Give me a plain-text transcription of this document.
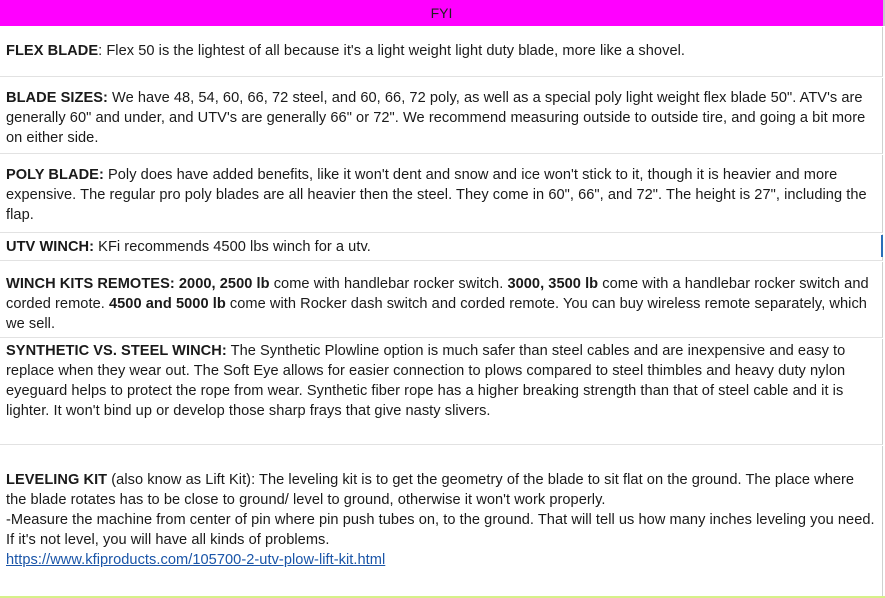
FYI
FLEX BLADE: Flex 50 is the lightest of all because it's a light weight light duty blade, more like a shovel.
BLADE SIZES: We have 48, 54, 60, 66, 72 steel, and 60, 66, 72 poly, as well as a special poly light weight flex blade 50". ATV's are generally 60" and under, and UTV's are generally 66" or 72". We recommend measuring outside to outside tire, and going a bit more on either side.
POLY BLADE: Poly does have added benefits, like it won't dent and snow and ice won't stick to it, though it is heavier and more expensive. The regular pro poly blades are all heavier then the steel. They come in 60", 66", and 72". The height is 27", including the flap.
UTV WINCH: KFi recommends 4500 lbs winch for a utv.
WINCH KITS REMOTES: 2000, 2500 lb come with handlebar rocker switch. 3000, 3500 lb come with a handlebar rocker switch and corded remote. 4500 and 5000 lb come with Rocker dash switch and corded remote. You can buy wireless remote separately, which we sell.
SYNTHETIC VS. STEEL WINCH: The Synthetic Plowline option is much safer than steel cables and are inexpensive and easy to replace when they wear out. The Soft Eye allows for easier connection to plows compared to steel thimbles and heavy duty nylon eyeguard helps to protect the rope from wear. Synthetic fiber rope has a higher breaking strength than that of steel cable and it is lighter. It won't bind up or develop those sharp frays that give nasty slivers.
LEVELING KIT (also know as Lift Kit): The leveling kit is to get the geometry of the blade to sit flat on the ground. The place where the blade rotates has to be close to ground/ level to ground, otherwise it won't work properly.
-Measure the machine from center of pin where pin push tubes on, to the ground. That will tell us how many inches leveling you need. If it's not level, you will have all kinds of problems.
https://www.kfiproducts.com/105700-2-utv-plow-lift-kit.html
